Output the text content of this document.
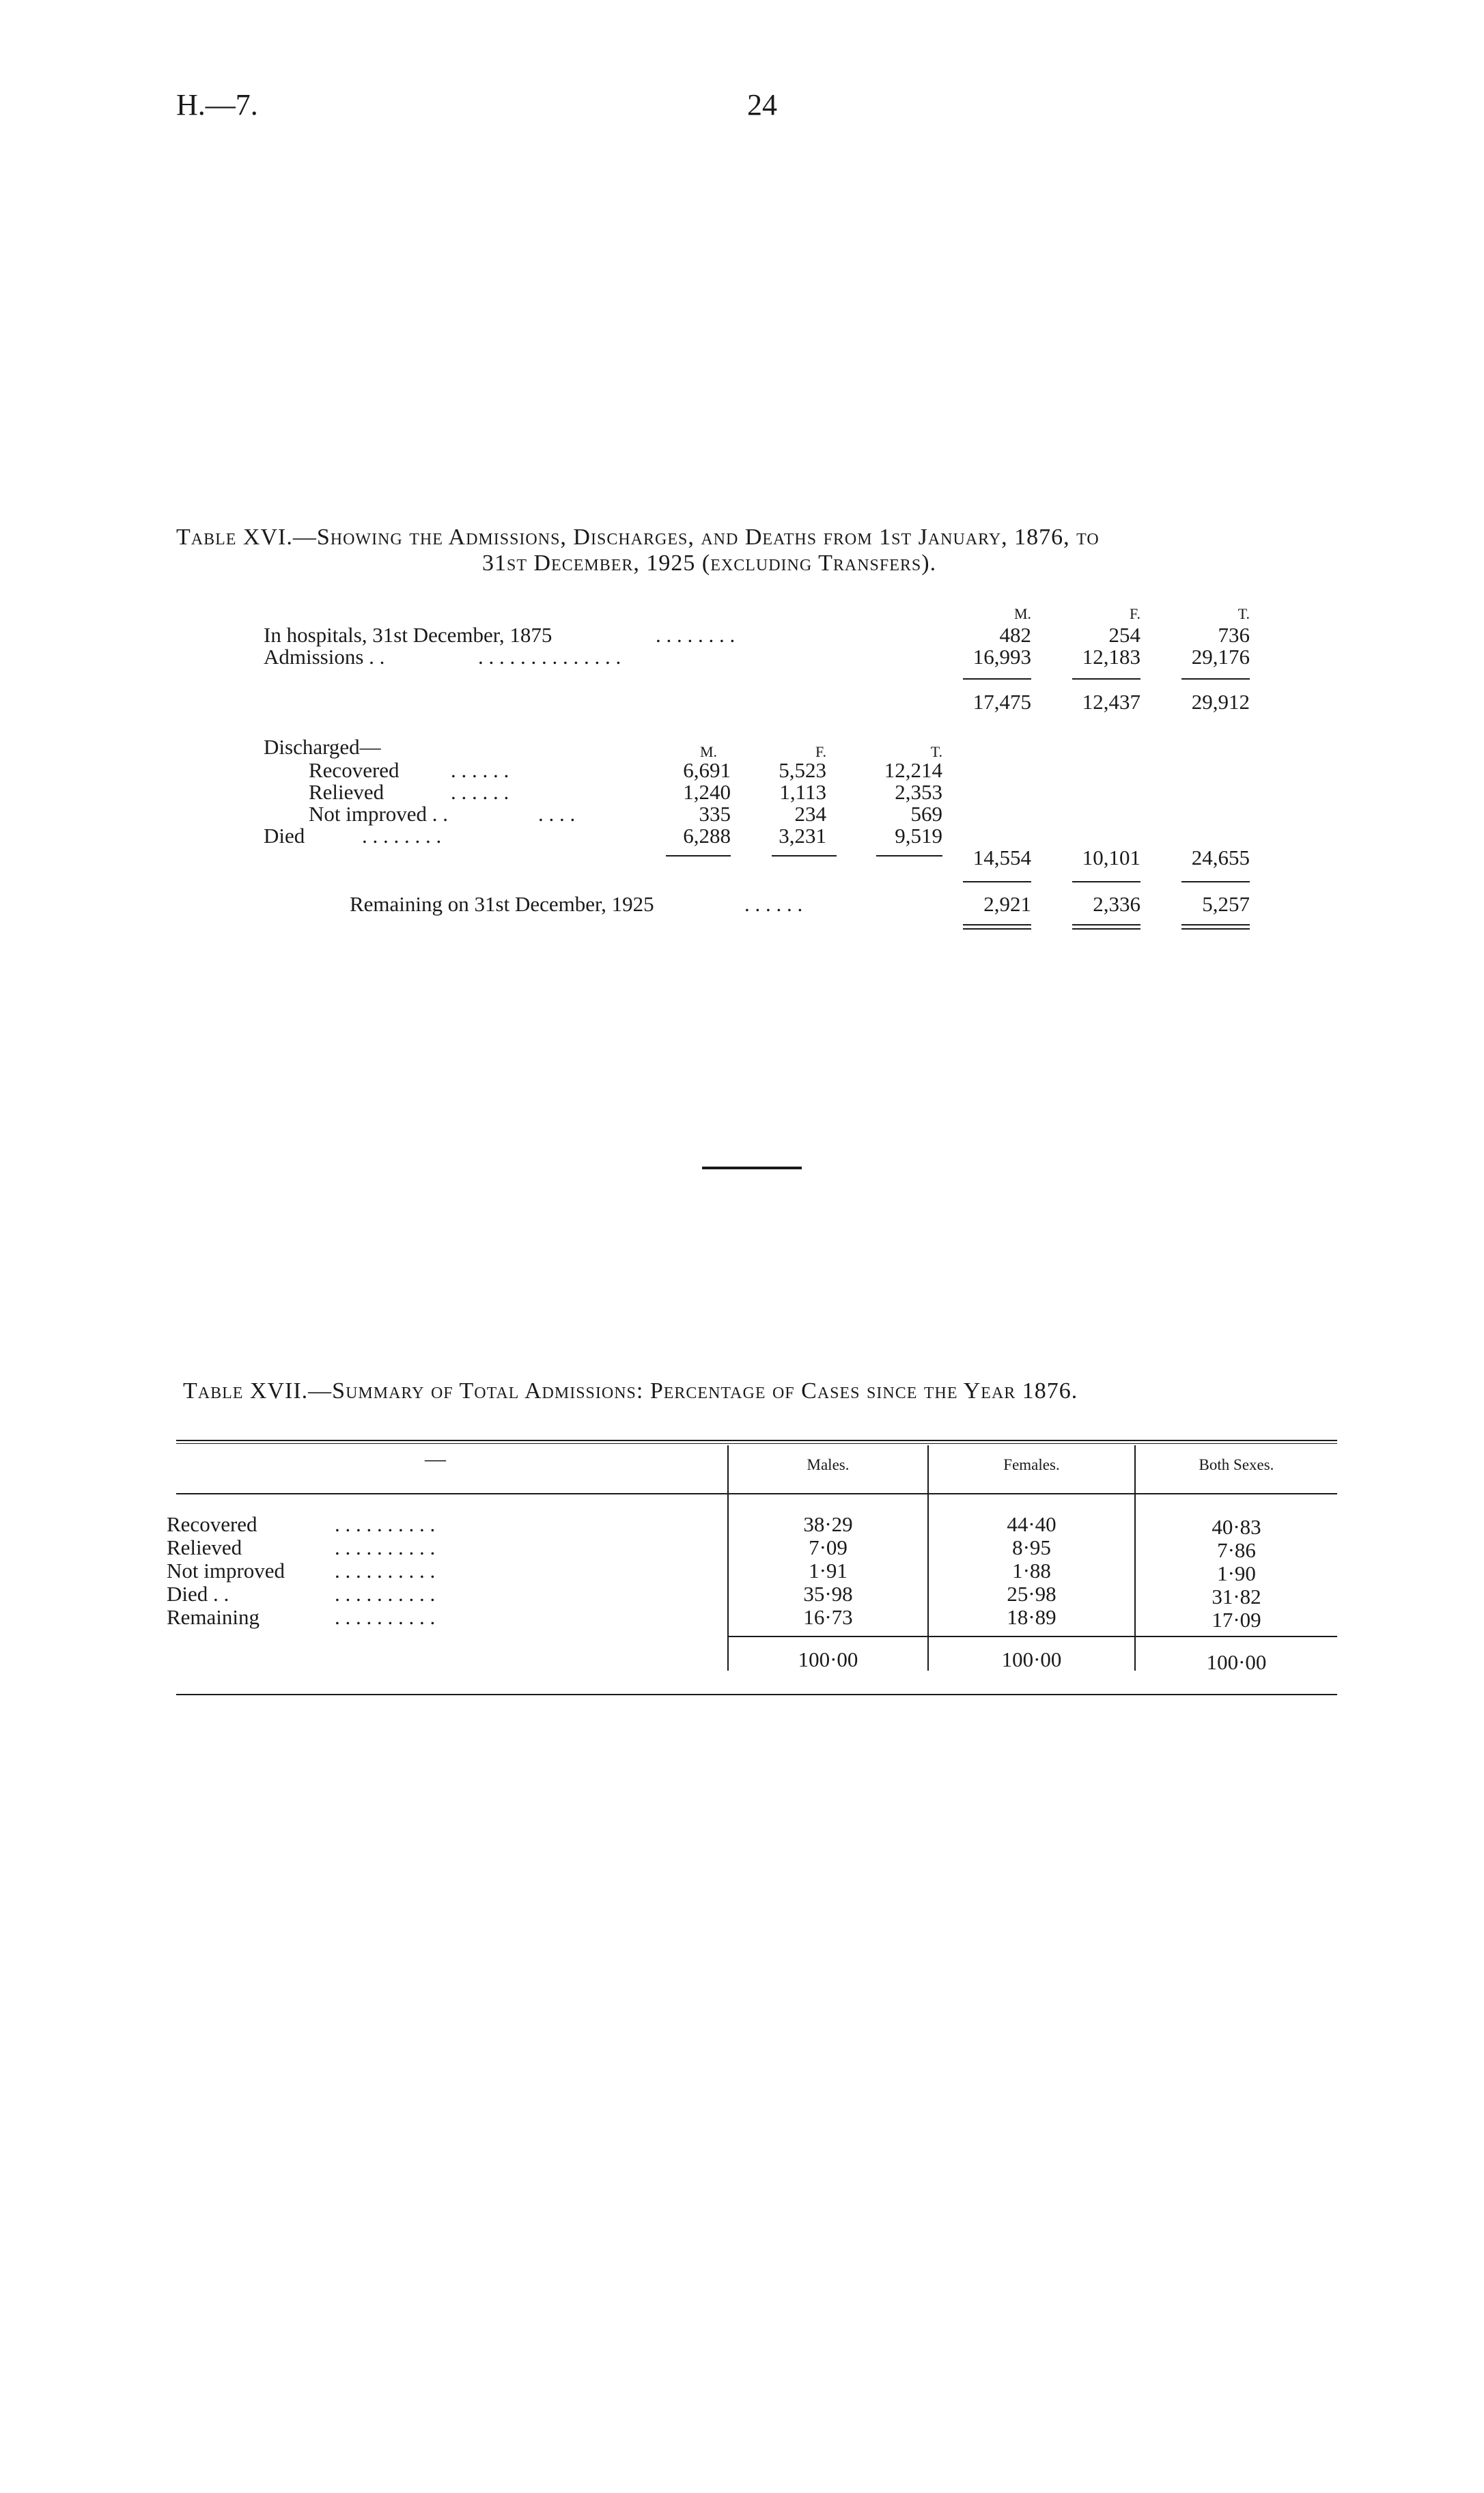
H.—7.	24
Table XVI.—Showing the Admissions, Discharges, and Deaths from 1st January, 1876, to
31st December, 1925 (excluding Transfers).
M.	F.	T.
In hospitals, 31st December, 1875	. . . . . . . .	482	254	736
Admissions . .	. . . . . . . . . . . . . .	16,993	12,183	29,176
17,475	12,437	29,912
Discharged—	M.	F.	T.
Recovered . . . . . .	6,691	5,523	12,214
Relieved	. . . . . .	1,240	1,113	2,353
Not improved . .	. . . .	335	234	569
Died	. . . . . . . .	6,288	3,231	9,519
14,554	10,101	24,655
Remaining on 31st December, 1925	. . . . . .	2,921	2,336	5,257
Table XVII.—Summary of Total Admissions: Percentage of Cases since the Year 1876.
—	Males.	Females.	Both Sexes.
Recovered	. . . . . . . . . .	38·29	44·40	40·83
Relieved	. . . . . . . . . .	7·09	8·95	7·86
Not improved . . . . . . . . . .	1·91	1·88	1·90
Died . .	. . . . . . . . . .	35·98	25·98	31·82
Remaining	. . . . . . . . . .	16·73	18·89	17·09
100·00	100·00	100·00
